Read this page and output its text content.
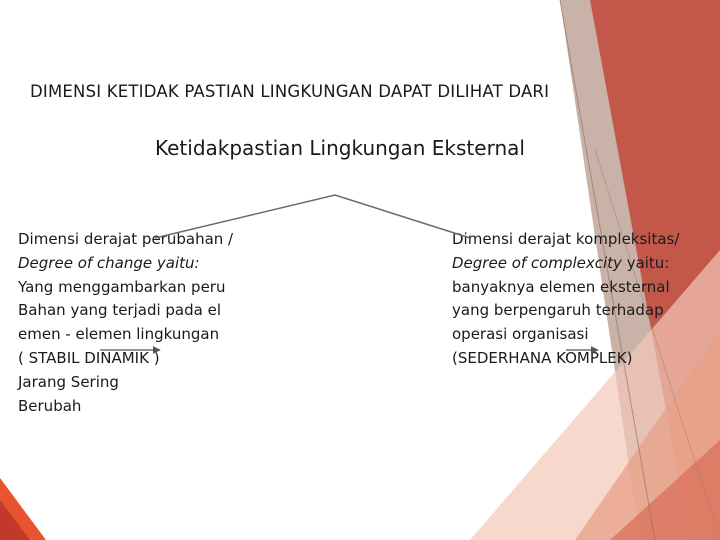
DIMENSI KETIDAK PASTIAN LINGKUNGAN DAPAT DILIHAT DARI

Ketidakpastian Lingkungan Eksternal

Dimensi derajat perubahan /
Degree of change yaitu:
Yang menggambarkan peru
Bahan yang terjadi pada el
emen - elemen lingkungan
( STABIL DINAMIK )
Jarang Sering
Berubah
Dimensi derajat kompleksitas/
Degree of complexcity yaitu:
banyaknya elemen eksternal
yang berpengaruh terhadap
operasi organisasi
(SEDERHANA KOMPLEK)
